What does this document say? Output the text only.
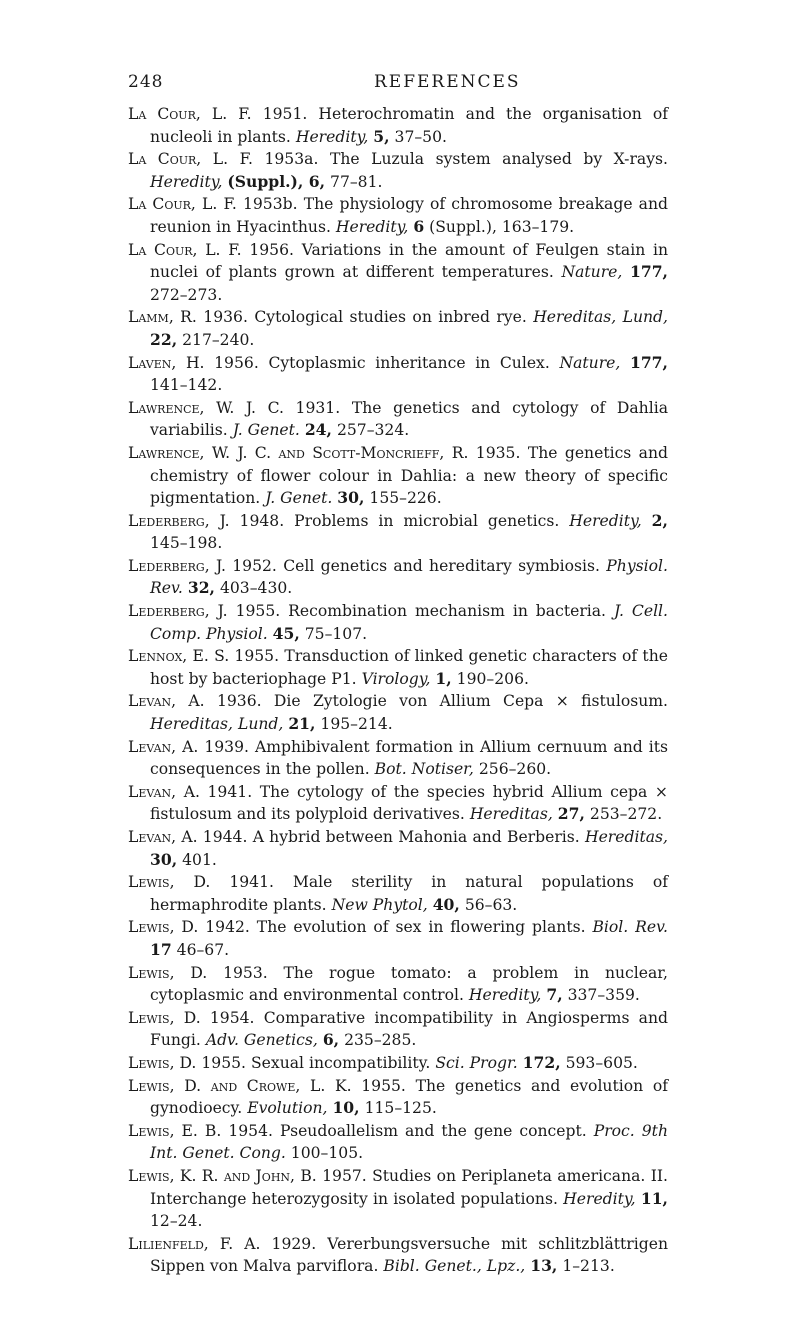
248	REFERENCES

La Cour, L. F. 1951. Heterochromatin and the organisation of nucleoli in plants. Heredity, 5, 37–50.

La Cour, L. F. 1953a. The Luzula system analysed by X-rays. Heredity, (Suppl.), 6, 77–81.

La Cour, L. F. 1953b. The physiology of chromosome breakage and reunion in Hyacinthus. Heredity, 6 (Suppl.), 163–179.

La Cour, L. F. 1956. Variations in the amount of Feulgen stain in nuclei of plants grown at different temperatures. Nature, 177, 272–273.

Lamm, R. 1936. Cytological studies on inbred rye. Hereditas, Lund, 22, 217–240.

Laven, H. 1956. Cytoplasmic inheritance in Culex. Nature, 177, 141–142.

Lawrence, W. J. C. 1931. The genetics and cytology of Dahlia variabilis. J. Genet. 24, 257–324.

Lawrence, W. J. C. and Scott-Moncrieff, R. 1935. The genetics and chemistry of flower colour in Dahlia: a new theory of specific pigmentation. J. Genet. 30, 155–226.

Lederberg, J. 1948. Problems in microbial genetics. Heredity, 2, 145–198.

Lederberg, J. 1952. Cell genetics and hereditary symbiosis. Physiol. Rev. 32, 403–430.

Lederberg, J. 1955. Recombination mechanism in bacteria. J. Cell. Comp. Physiol. 45, 75–107.

Lennox, E. S. 1955. Transduction of linked genetic characters of the host by bacteriophage P1. Virology, 1, 190–206.

Levan, A. 1936. Die Zytologie von Allium Cepa × fistulosum. Hereditas, Lund, 21, 195–214.

Levan, A. 1939. Amphibivalent formation in Allium cernuum and its consequences in the pollen. Bot. Notiser, 256–260.

Levan, A. 1941. The cytology of the species hybrid Allium cepa × fistulosum and its polyploid derivatives. Hereditas, 27, 253–272.

Levan, A. 1944. A hybrid between Mahonia and Berberis. Hereditas, 30, 401.

Lewis, D. 1941. Male sterility in natural populations of hermaphrodite plants. New Phytol, 40, 56–63.

Lewis, D. 1942. The evolution of sex in flowering plants. Biol. Rev. 17 46–67.

Lewis, D. 1953. The rogue tomato: a problem in nuclear, cytoplasmic and environmental control. Heredity, 7, 337–359.

Lewis, D. 1954. Comparative incompatibility in Angiosperms and Fungi. Adv. Genetics, 6, 235–285.

Lewis, D. 1955. Sexual incompatibility. Sci. Progr. 172, 593–605.

Lewis, D. and Crowe, L. K. 1955. The genetics and evolution of gynodioecy. Evolution, 10, 115–125.

Lewis, E. B. 1954. Pseudoallelism and the gene concept. Proc. 9th Int. Genet. Cong. 100–105.

Lewis, K. R. and John, B. 1957. Studies on Periplaneta americana. II. Interchange heterozygosity in isolated populations. Heredity, 11, 12–24.

Lilienfeld, F. A. 1929. Vererbungsversuche mit schlitzblättrigen Sippen von Malva parviflora. Bibl. Genet., Lpz., 13, 1–213.
